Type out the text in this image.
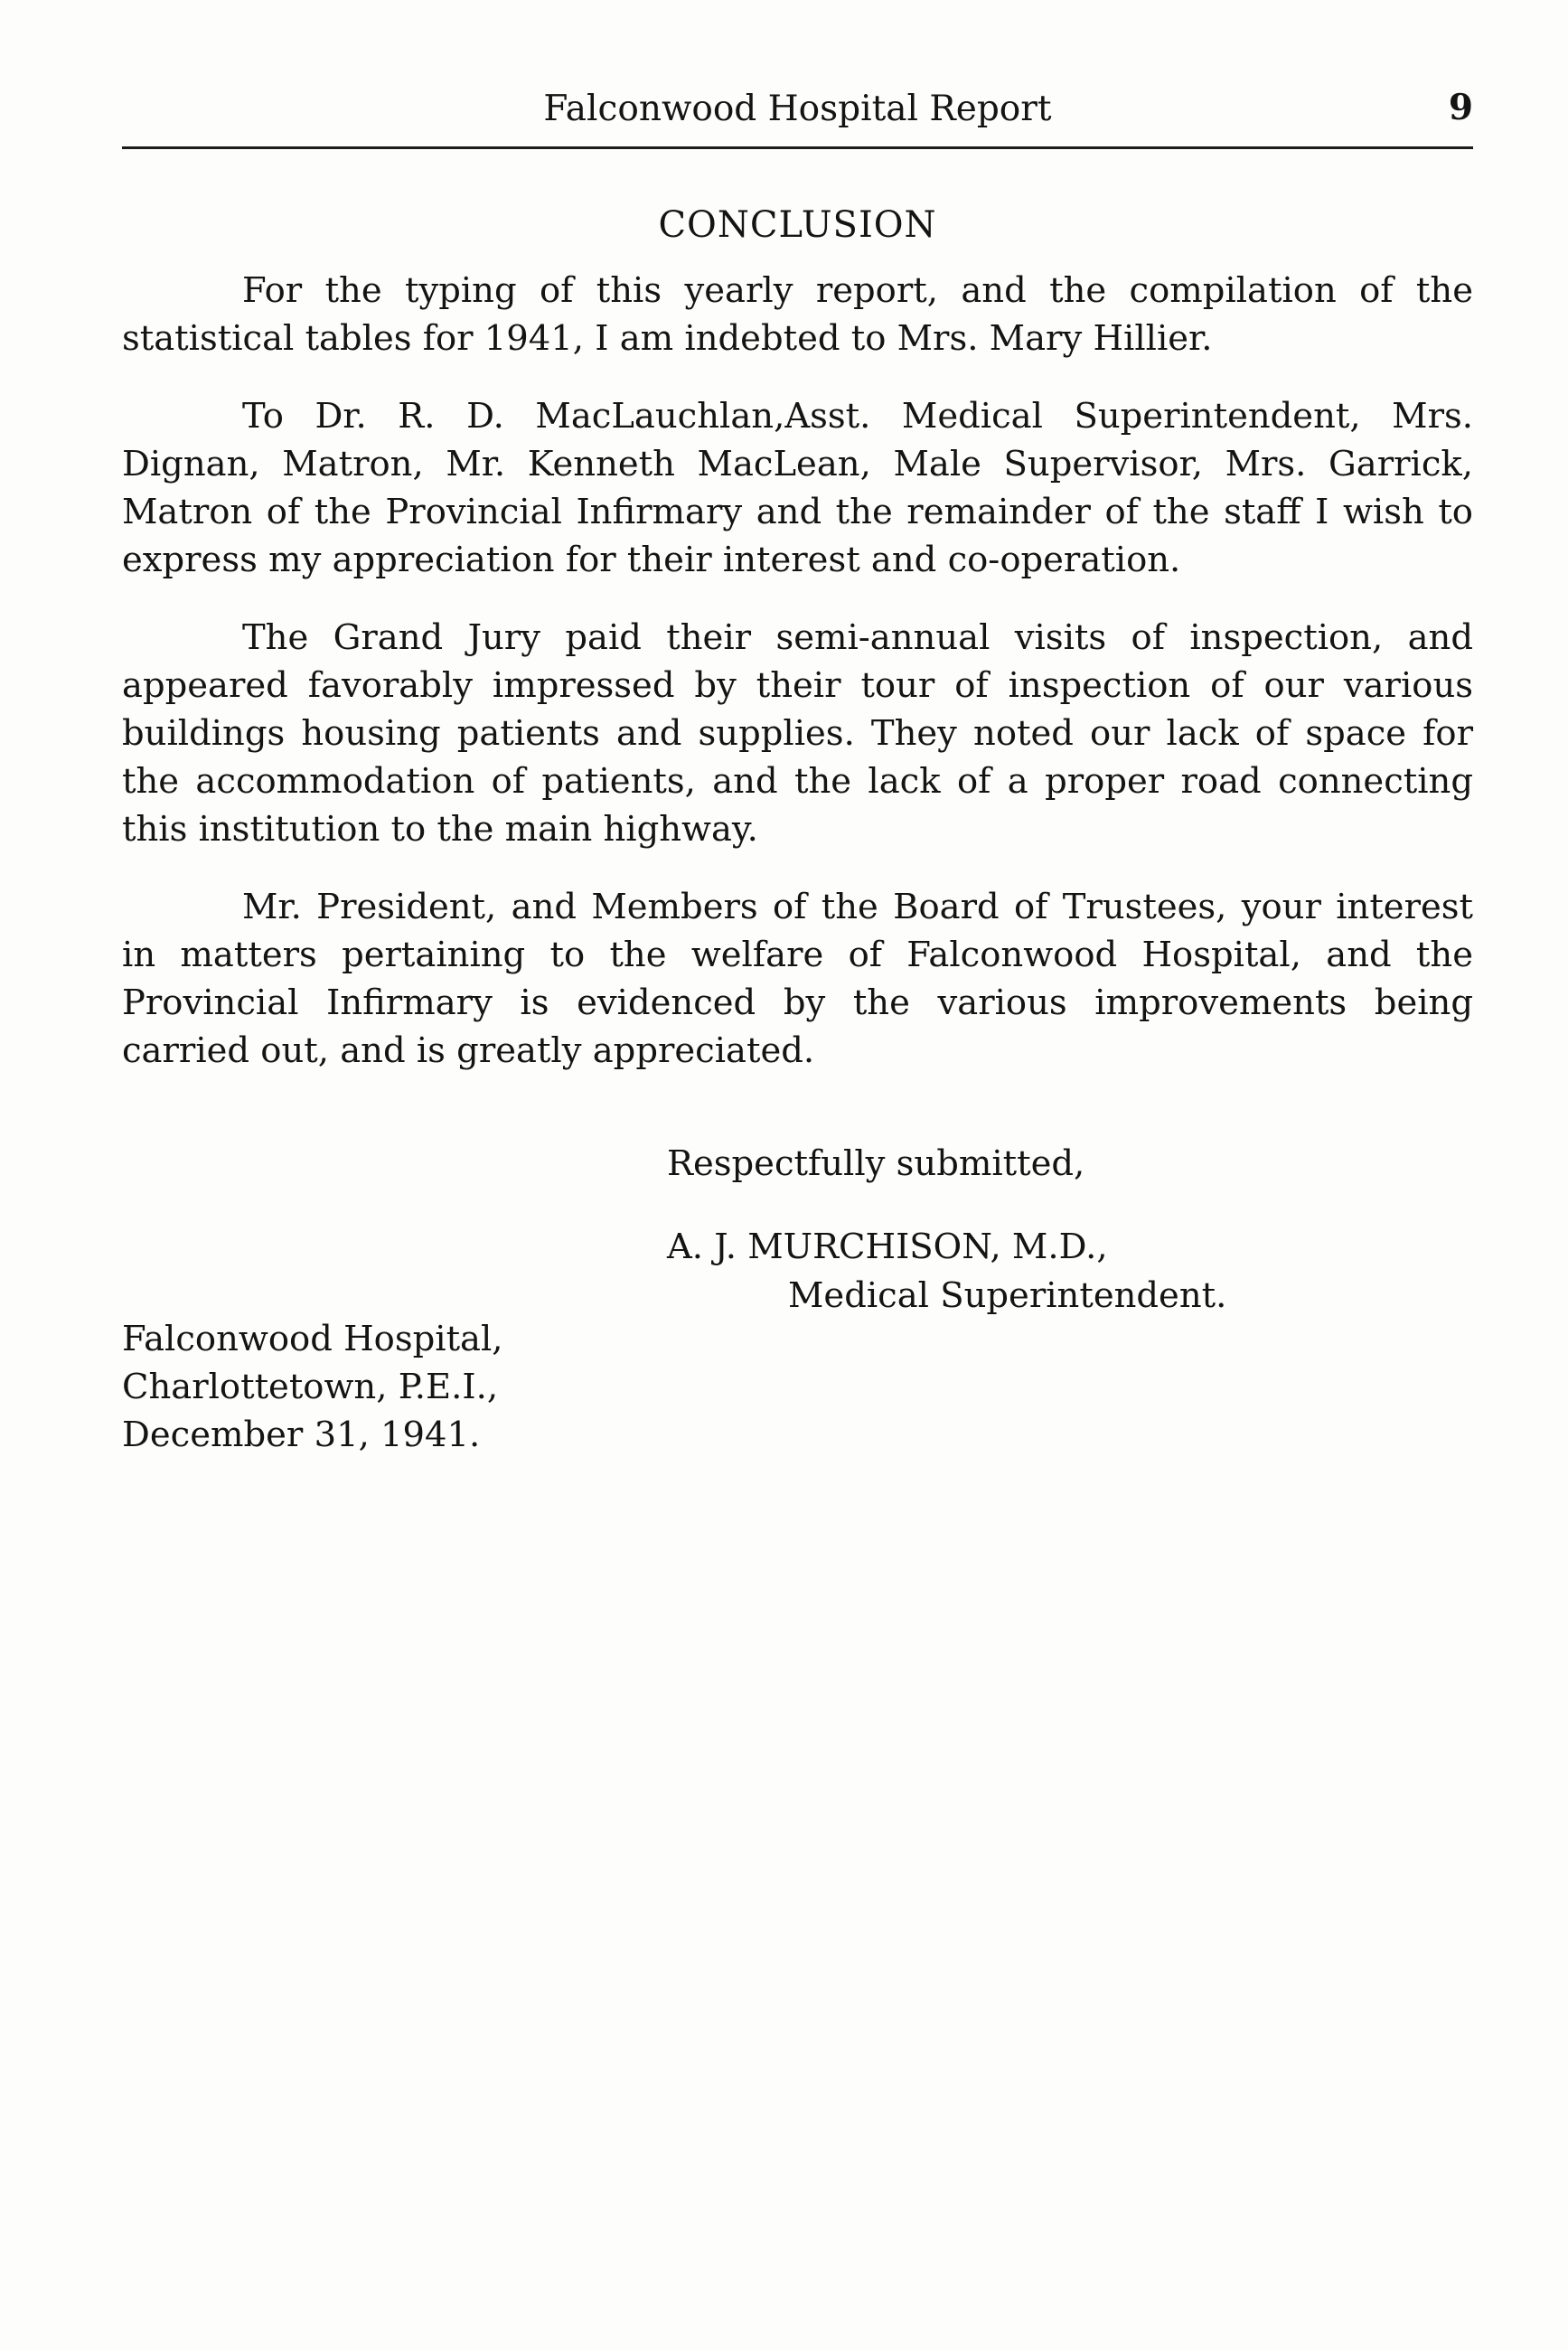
Falconwood Hospital Report	9
CONCLUSION

For the typing of this yearly report, and the compilation of the statistical tables for 1941, I am indebted to Mrs. Mary Hillier.

To Dr. R. D. MacLauchlan,Asst. Medical Superintendent, Mrs. Dignan, Matron, Mr. Kenneth MacLean, Male Supervisor, Mrs. Garrick, Matron of the Provincial Infirmary and the remainder of the staff I wish to express my appreciation for their interest and co-operation.

The Grand Jury paid their semi-annual visits of inspection, and appeared favorably impressed by their tour of inspection of our various buildings housing patients and supplies. They noted our lack of space for the accommodation of patients, and the lack of a proper road connecting this institution to the main highway.

Mr. President, and Members of the Board of Trustees, your interest in matters pertaining to the welfare of Falconwood Hospital, and the Provincial Infirmary is evidenced by the various improvements being carried out, and is greatly appreciated.

Respectfully submitted,
A. J. MURCHISON, M.D.,
Medical Superintendent.
Falconwood Hospital,
Charlottetown, P.E.I.,
December 31, 1941.
